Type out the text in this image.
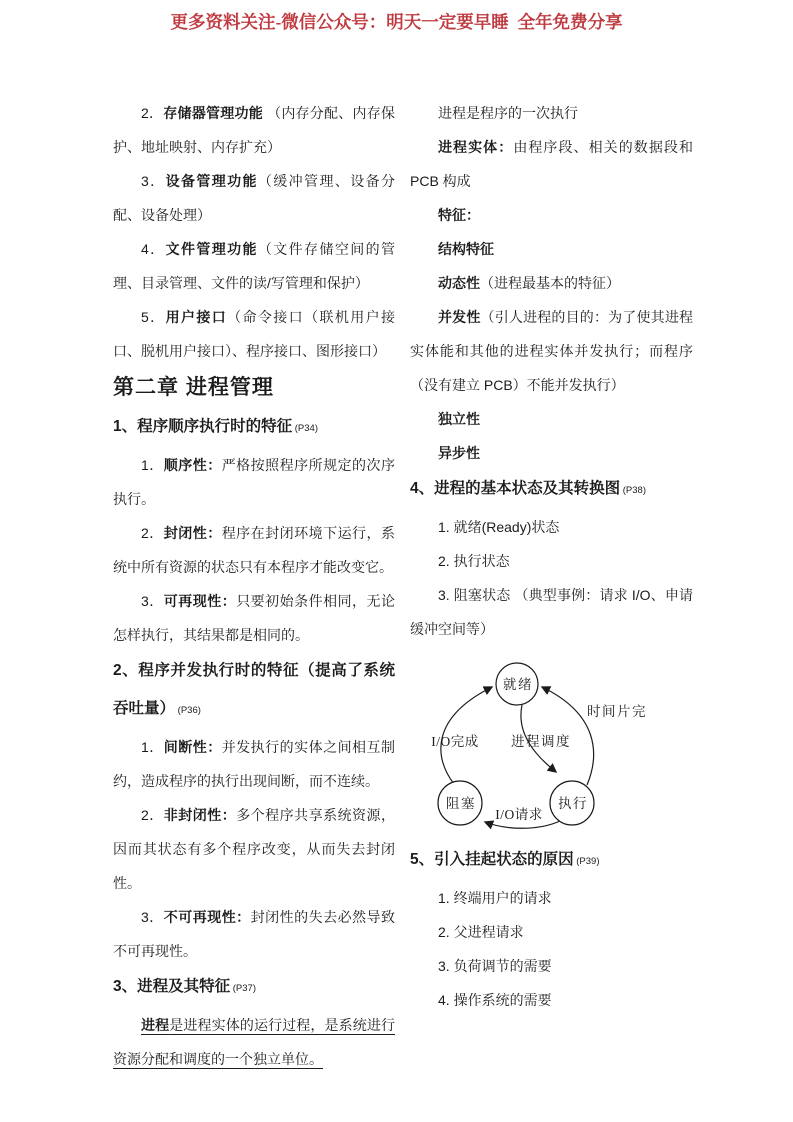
更多资料关注-微信公众号：明天一定要早睡  全年免费分享

2．存储器管理功能 （内存分配、内存保护、地址映射、内存扩充）

3．设备管理功能（缓冲管理、设备分配、设备处理）

4．文件管理功能（文件存储空间的管理、目录管理、文件的读/写管理和保护）

5．用户接口（命令接口（联机用户接口、脱机用户接口）、程序接口、图形接口）

第二章 进程管理

1、程序顺序执行时的特征 (P34)

1．顺序性：严格按照程序所规定的次序执行。

2．封闭性：程序在封闭环境下运行，系统中所有资源的状态只有本程序才能改变它。

3．可再现性：只要初始条件相同，无论怎样执行，其结果都是相同的。

2、程序并发执行时的特征（提高了系统吞吐量） (P36)

1．间断性：并发执行的实体之间相互制约，造成程序的执行出现间断，而不连续。

2．非封闭性：多个程序共享系统资源，因而其状态有多个程序改变，从而失去封闭性。

3．不可再现性：封闭性的失去必然导致不可再现性。

3、进程及其特征 (P37)

进程是进程实体的运行过程，是系统进行资源分配和调度的一个独立单位。

进程是程序的一次执行

进程实体：由程序段、相关的数据段和 PCB 构成

特征：

结构特征

动态性（进程最基本的特征）

并发性（引人进程的目的：为了使其进程实体能和其他的进程实体并发执行；而程序（没有建立 PCB）不能并发执行）

独立性

异步性

4、进程的基本状态及其转换图 (P38)

1. 就绪(Ready)状态

2. 执行状态

3. 阻塞状态 （典型事例：请求 I/O、申请缓冲空间等）

就绪
阻塞	执行
I/O完成 进程调度
时间片完
I/O请求

5、引入挂起状态的原因 (P39)

1. 终端用户的请求

2. 父进程请求

3. 负荷调节的需要

4. 操作系统的需要
